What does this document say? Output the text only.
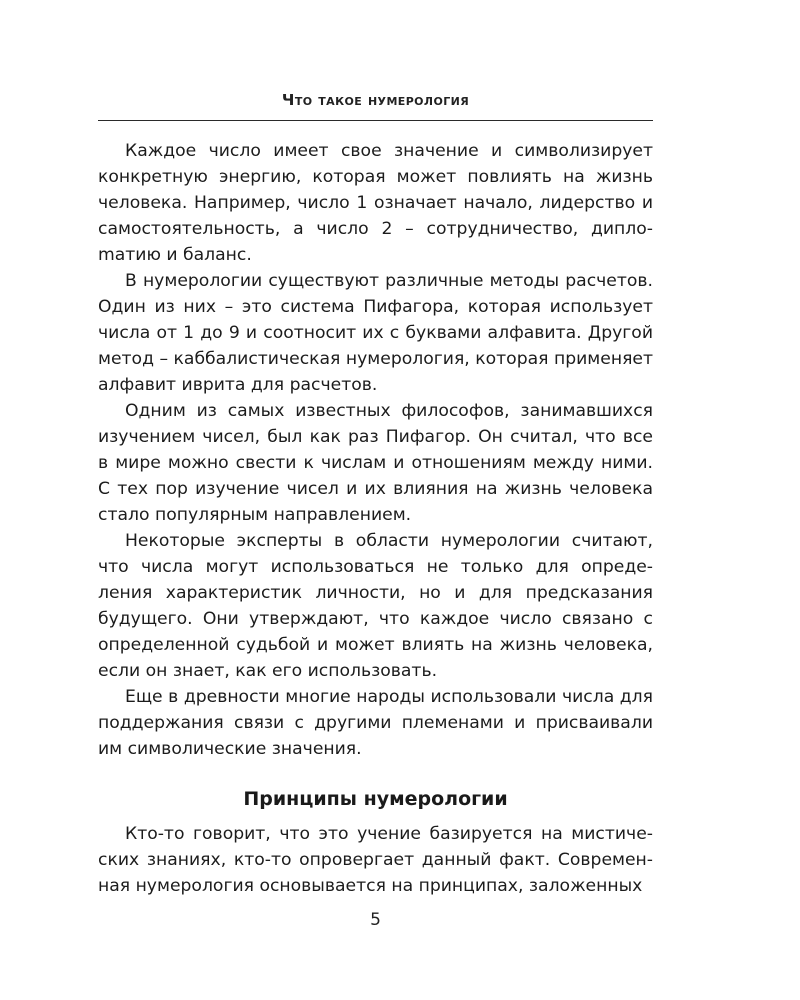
Что такое нумерология

Каждое число имеет свое значение и символизирует конкретную энергию, которая может повлиять на жизнь человека. Например, число 1 означает начало, лидерство и самостоятельность, а число 2 – сотрудничество, диплоmатию и баланс.

В нумерологии существуют различные методы расчетов. Один из них – это система Пифагора, которая использует числа от 1 до 9 и соотносит их с буквами алфавита. Другой метод – каббалистическая нумерология, которая применяет алфавит иврита для расчетов.

Одним из самых известных философов, занимавшихся изучением чисел, был как раз Пифагор. Он считал, что все в мире можно свести к числам и отношениям между ними. С тех пор изучение чисел и их влияния на жизнь человека стало популярным направлением.

Некоторые эксперты в области нумерологии считают, что числа могут использоваться не только для определения характеристик личности, но и для предсказания будущего. Они утверждают, что каждое число связано с определенной судьбой и может влиять на жизнь человека, если он знает, как его использовать.

Еще в древности многие народы использовали числа для поддержания связи с другими племенами и присваивали им символические значения.

Принципы нумерологии

Кто-то говорит, что это учение базируется на мистических знаниях, кто-то опровергает данный факт. Современная нумерология основывается на принципах, заложенных

5
